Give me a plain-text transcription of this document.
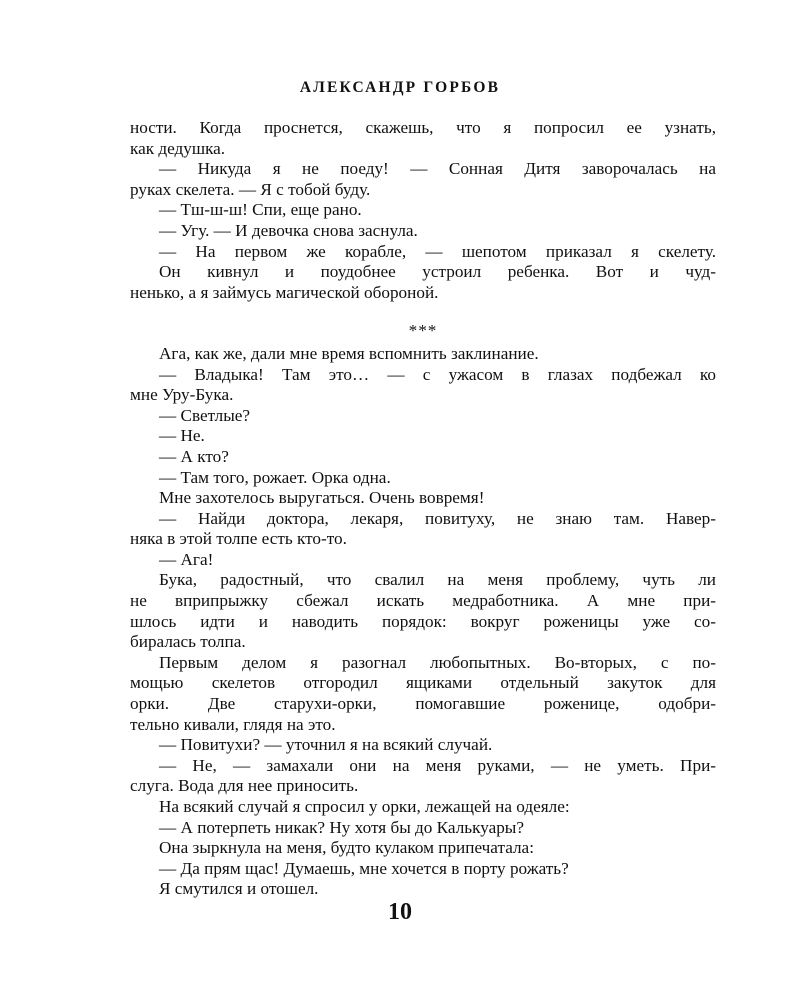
АЛЕКСАНДР ГОРБОВ
ности. Когда проснется, скажешь, что я попросил ее узнать,
как дедушка.
— Никуда я не поеду! — Сонная Дитя заворочалась на
руках скелета. — Я с тобой буду.
— Тш-ш-ш! Спи, еще рано.
— Угу. — И девочка снова заснула.
— На первом же корабле, — шепотом приказал я скелету.
Он кивнул и поудобнее устроил ребенка. Вот и чуд-
ненько, а я займусь магической обороной.
***
Ага, как же, дали мне время вспомнить заклинание.
— Владыка! Там это… — с ужасом в глазах подбежал ко
мне Уру-Бука.
— Светлые?
— Не.
— А кто?
— Там того, рожает. Орка одна.
Мне захотелось выругаться. Очень вовремя!
— Найди доктора, лекаря, повитуху, не знаю там. Навер-
няка в этой толпе есть кто-то.
— Ага!
Бука, радостный, что свалил на меня проблему, чуть ли
не вприпрыжку сбежал искать медработника. А мне при-
шлось идти и наводить порядок: вокруг роженицы уже со-
биралась толпа.
Первым делом я разогнал любопытных. Во-вторых, с по-
мощью скелетов отгородил ящиками отдельный закуток для
орки. Две старухи-орки, помогавшие роженице, одобри-
тельно кивали, глядя на это.
— Повитухи? — уточнил я на всякий случай.
— Не, — замахали они на меня руками, — не уметь. При-
слуга. Вода для нее приносить.
На всякий случай я спросил у орки, лежащей на одеяле:
— А потерпеть никак? Ну хотя бы до Калькуары?
Она зыркнула на меня, будто кулаком припечатала:
— Да прям щас! Думаешь, мне хочется в порту рожать?
Я смутился и отошел.
10
